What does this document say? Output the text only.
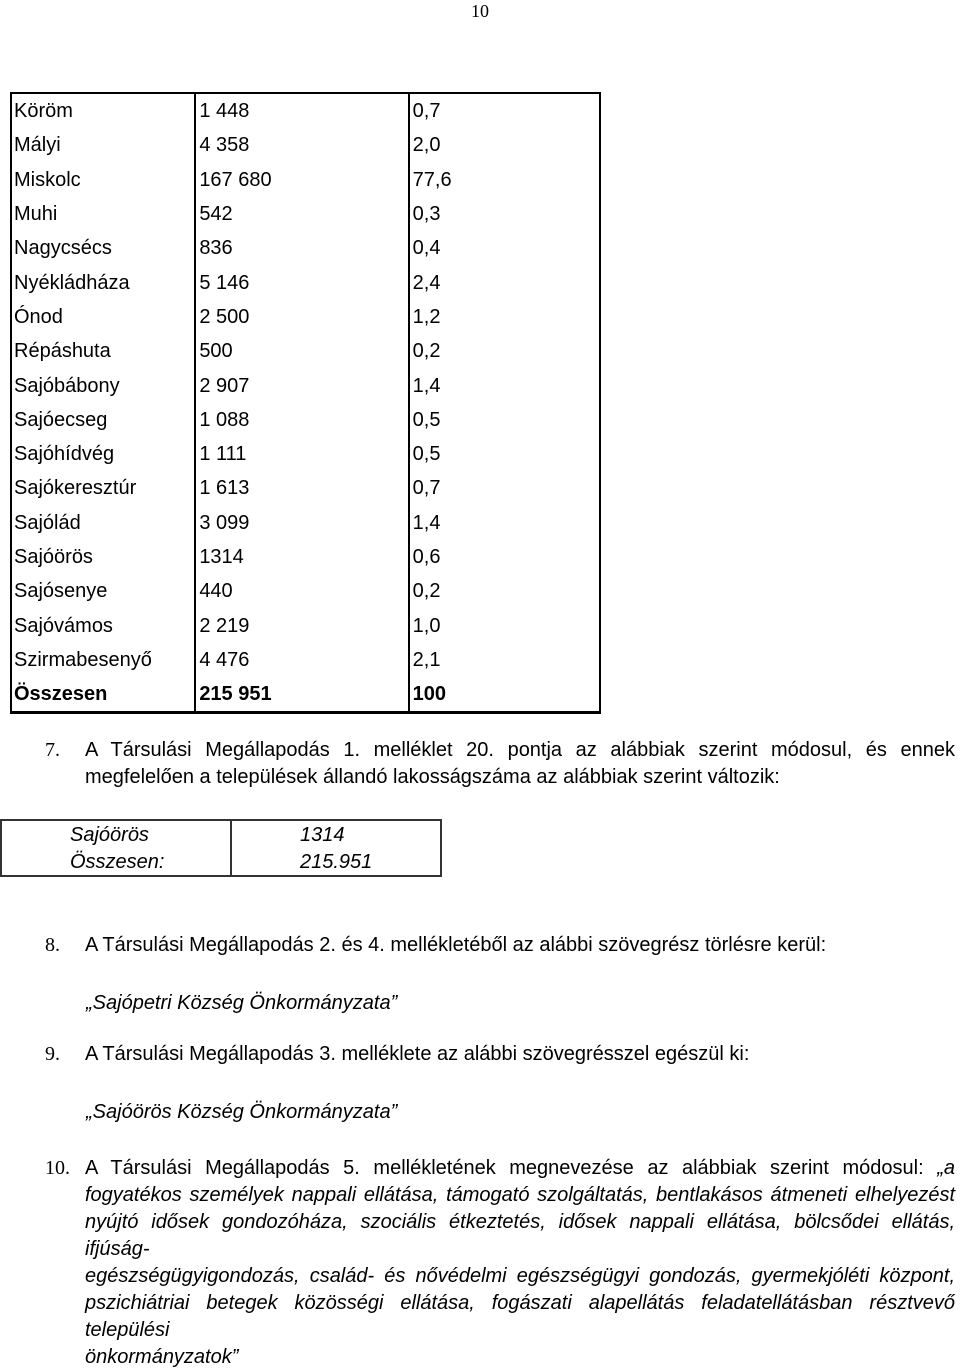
10

Köröm	1 448	0,7
Mályi	4 358	2,0
Miskolc	167 680	77,6
Muhi	542	0,3
Nagycsécs	836	0,4
Nyékládháza	5 146	2,4
Ónod	2 500	1,2
Répáshuta	500	0,2
Sajóbábony	2 907	1,4
Sajóecseg	1 088	0,5
Sajóhídvég	1 111	0,5
Sajókeresztúr	1 613	0,7
Sajólád	3 099	1,4
Sajóörös	1314	0,6
Sajósenye	440	0,2
Sajóvámos	2 219	1,0
Szirmabesenyő	4 476	2,1
Összesen	215 951	100
7. A Társulási Megállapodás 1. melléklet 20. pontja az alábbiak szerint módosul, és ennek
megfelelően a települések állandó lakosságszáma az alábbiak szerint változik:
Sajóörös	1314
Összesen:	215.951
8. A Társulási Megállapodás 2. és 4. mellékletéből az alábbi szövegrész törlésre kerül:
„Sajópetri Község Önkormányzata”
9. A Társulási Megállapodás 3. melléklete az alábbi szövegrésszel egészül ki:
„Sajóörös Község Önkormányzata”
10. A Társulási Megállapodás 5. mellékletének megnevezése az alábbiak szerint módosul: „a
fogyatékos személyek nappali ellátása, támogató szolgáltatás, bentlakásos átmeneti elhelyezést
nyújtó idősek gondozóháza, szociális étkeztetés, idősek nappali ellátása, bölcsődei ellátás, ifjúság-
egészségügyigondozás, család- és nővédelmi egészségügyi gondozás, gyermekjóléti központ,
pszichiátriai betegek közösségi ellátása, fogászati alapellátás feladatellátásban résztvevő települési
önkormányzatok”
